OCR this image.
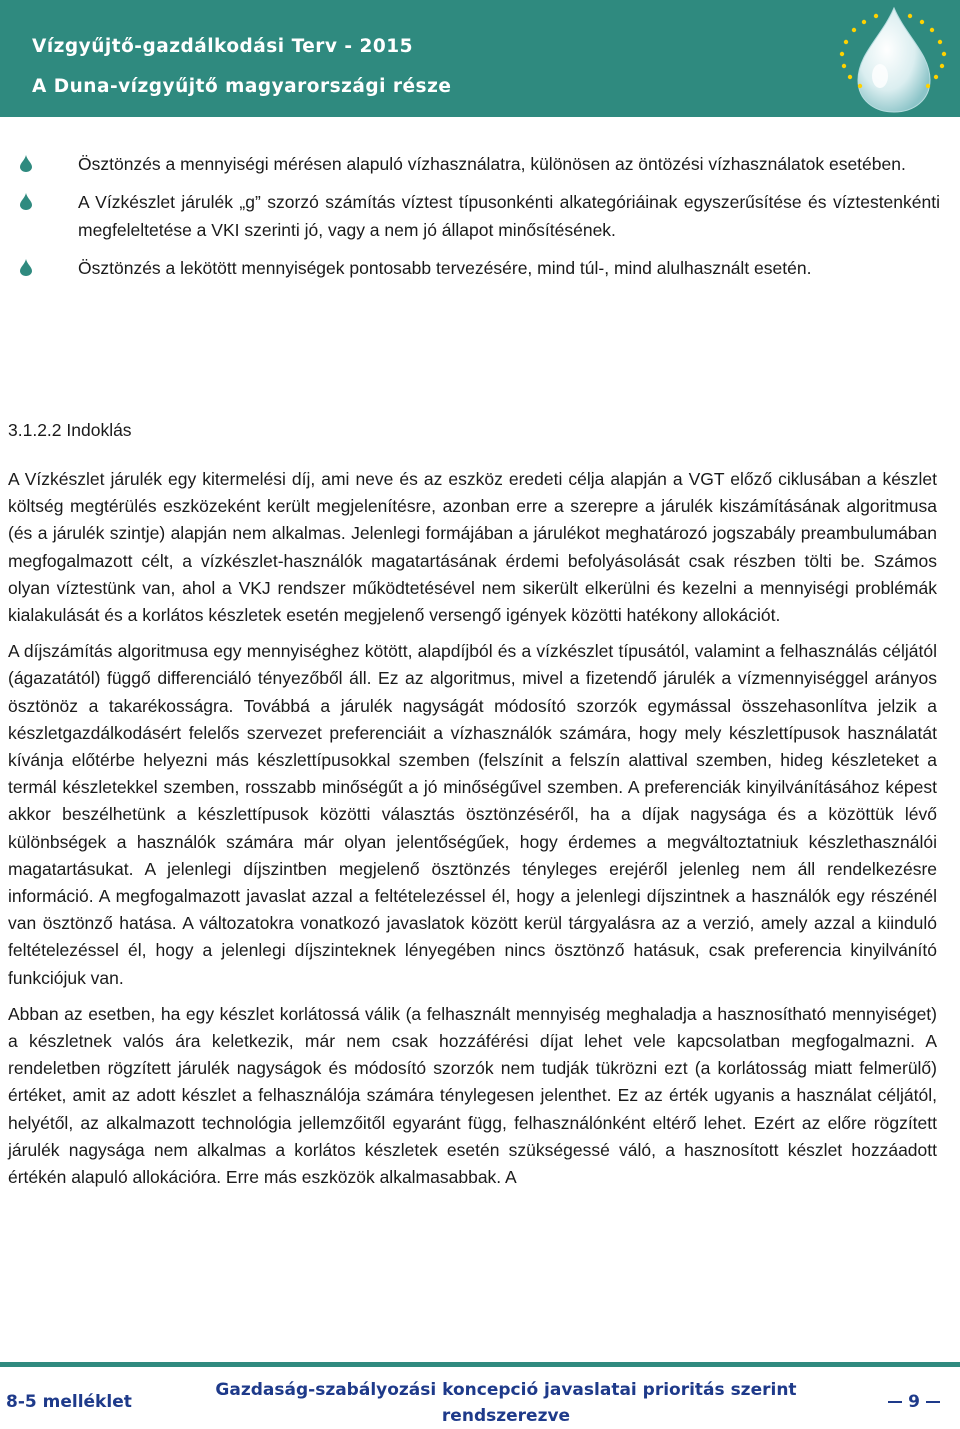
Vízgyűjtő-gazdálkodási Terv - 2015
A Duna-vízgyűjtő magyarországi része
Ösztönzés a mennyiségi mérésen alapuló vízhasználatra, különösen az öntözési vízhasználatok esetében.
A Vízkészlet járulék „g” szorzó számítás víztest típusonkénti alkategóriáinak egyszerűsítése és víztestenkénti megfeleltetése a VKI szerinti jó, vagy a nem jó állapot minősítésének.
Ösztönzés a lekötött mennyiségek pontosabb tervezésére, mind túl-, mind alulhasznált esetén.
3.1.2.2 Indoklás

A Vízkészlet járulék egy kitermelési díj, ami neve és az eszköz eredeti célja alapján a VGT előző ciklusában a készlet költség megtérülés eszközeként került megjelenítésre, azonban erre a szerepre a járulék kiszámításának algoritmusa (és a járulék szintje) alapján nem alkalmas. Jelenlegi formájában a járulékot meghatározó jogszabály preambulumában megfogalmazott célt, a vízkészlet-használók magatartásának érdemi befolyásolását csak részben tölti be. Számos olyan víztestünk van, ahol a VKJ rendszer működtetésével nem sikerült elkerülni és kezelni a mennyiségi problémák kialakulását és a korlátos készletek esetén megjelenő versengő igények közötti hatékony allokációt.

A díjszámítás algoritmusa egy mennyiséghez kötött, alapdíjból és a vízkészlet típusától, valamint a felhasználás céljától (ágazatától) függő differenciáló tényezőből áll. Ez az algoritmus, mivel a fizetendő járulék a vízmennyiséggel arányos ösztönöz a takarékosságra. Továbbá a járulék nagyságát módosító szorzók egymással összehasonlítva jelzik a készletgazdálkodásért felelős szervezet preferenciáit a vízhasználók számára, hogy mely készlettípusok használatát kívánja előtérbe helyezni más készlettípusokkal szemben (felszínit a felszín alattival szemben, hideg készleteket a termál készletekkel szemben, rosszabb minőségűt a jó minőségűvel szemben. A preferenciák kinyilvánításához képest akkor beszélhetünk a készlettípusok közötti választás ösztönzéséről, ha a díjak nagysága és a közöttük lévő különbségek a használók számára már olyan jelentőségűek, hogy érdemes a megváltoztatniuk készlethasználói magatartásukat. A jelenlegi díjszintben megjelenő ösztönzés tényleges erejéről jelenleg nem áll rendelkezésre információ. A megfogalmazott javaslat azzal a feltételezéssel él, hogy a jelenlegi díjszintnek a használók egy részénél van ösztönző hatása. A változatokra vonatkozó javaslatok között kerül tárgyalásra az a verzió, amely azzal a kiinduló feltételezéssel él, hogy a jelenlegi díjszinteknek lényegében nincs ösztönző hatásuk, csak preferencia kinyilvánító funkciójuk van.

Abban az esetben, ha egy készlet korlátossá válik (a felhasznált mennyiség meghaladja a hasznosítható mennyiséget) a készletnek valós ára keletkezik, már nem csak hozzáférési díjat lehet vele kapcsolatban megfogalmazni. A rendeletben rögzített járulék nagyságok és módosító szorzók nem tudják tükrözni ezt (a korlátosság miatt felmerülő) értéket, amit az adott készlet a felhasználója számára ténylegesen jelenthet. Ez az érték ugyanis a használat céljától, helyétől, az alkalmazott technológia jellemzőitől egyaránt függ, felhasználónként eltérő lehet. Ezért az előre rögzített járulék nagysága nem alkalmas a korlátos készletek esetén szükségessé váló, a hasznosított készlet hozzáadott értékén alapuló allokációra. Erre más eszközök alkalmasabbak. A

8-5 melléklet
Gazdaság-szabályozási koncepció javaslatai prioritás szerint rendszerezve
9
